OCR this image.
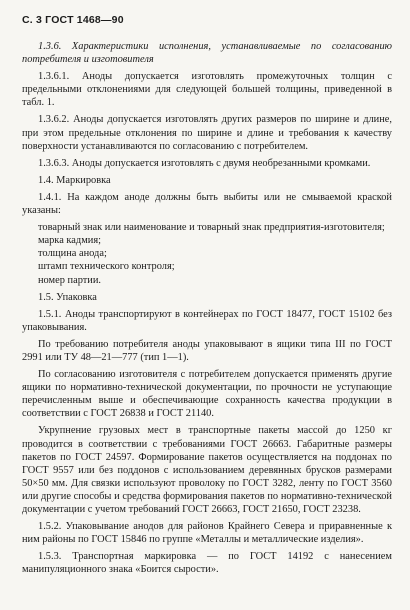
С. 3 ГОСТ 1468—90

1.3.6. Характеристики исполнения, устанавливаемые по согласованию потребителя и изготовителя

1.3.6.1. Аноды допускается изготовлять промежуточных толщин с предельными отклонениями для следующей большей толщины, приведенной в табл. 1.

1.3.6.2. Аноды допускается изготовлять других размеров по ширине и длине, при этом предельные отклонения по ширине и длине и требования к качеству поверхности устанавливаются по согласованию с потребителем.

1.3.6.3. Аноды допускается изготовлять с двумя необрезанными кромками.

1.4. Маркировка

1.4.1. На каждом аноде должны быть выбиты или не смываемой краской указаны:

товарный знак или наименование и товарный знак предприятия-изготовителя;

марка кадмия;

толщина анода;

штамп технического контроля;

номер партии.

1.5. Упаковка

1.5.1. Аноды транспортируют в контейнерах по ГОСТ 18477, ГОСТ 15102 без упаковывания.

По требованию потребителя аноды упаковывают в ящики типа III по ГОСТ 2991 или ТУ 48—21—777 (тип 1—1).

По согласованию изготовителя с потребителем допускается применять другие ящики по нормативно-технической документации, по прочности не уступающие перечисленным выше и обеспечивающие сохранность качества продукции в соответствии с ГОСТ 26838 и ГОСТ 21140.

Укрупнение грузовых мест в транспортные пакеты массой до 1250 кг проводится в соответствии с требованиями ГОСТ 26663. Габаритные размеры пакетов по ГОСТ 24597. Формирование пакетов осуществляется на поддонах по ГОСТ 9557 или без поддонов с использованием деревянных брусков размерами 50×50 мм. Для связки используют проволоку по ГОСТ 3282, ленту по ГОСТ 3560 или другие способы и средства формирования пакетов по нормативно-технической документации с учетом требований ГОСТ 26663, ГОСТ 21650, ГОСТ 23238.

1.5.2. Упаковывание анодов для районов Крайнего Севера и приравненные к ним районы по ГОСТ 15846 по группе «Металлы и металлические изделия».

1.5.3. Транспортная маркировка — по ГОСТ 14192 с нанесением манипуляционного знака «Боится сырости».
